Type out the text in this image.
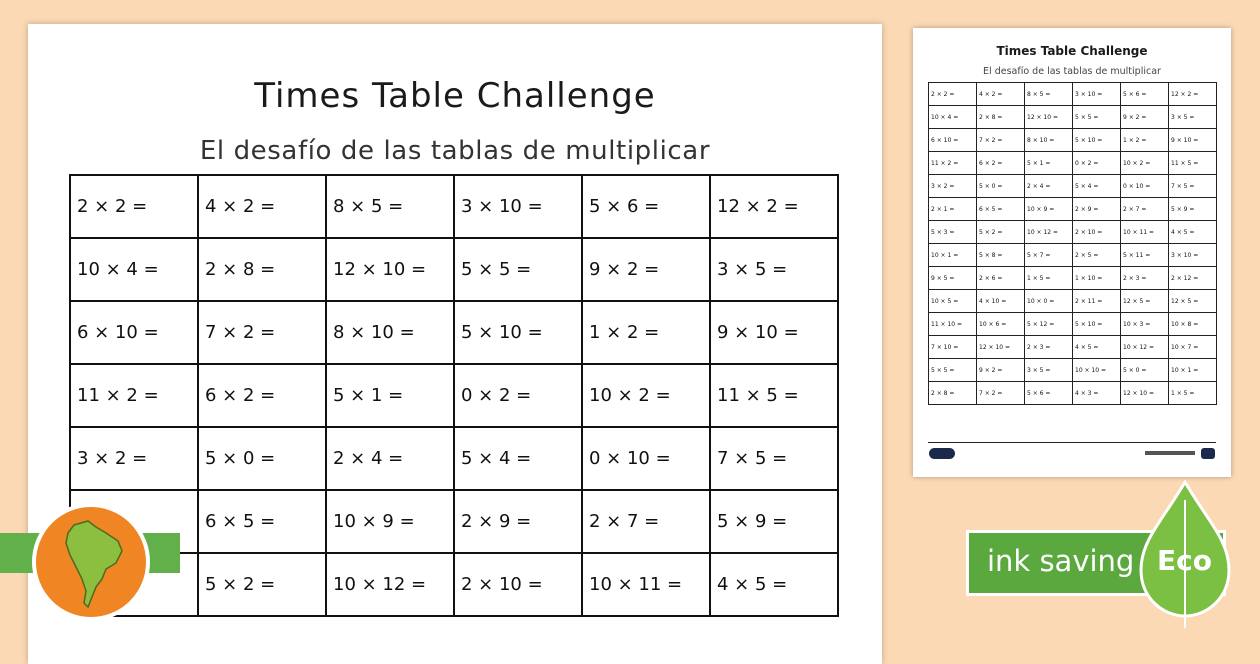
Times Table Challenge
El desafío de las tablas de multiplicar
2 × 2 =	4 × 2 =	8 × 5 =	3 × 10 =	5 × 6 =	12 × 2 =
10 × 4 =	2 × 8 =	12 × 10 =	5 × 5 =	9 × 2 =	3 × 5 =
6 × 10 =	7 × 2 =	8 × 10 =	5 × 10 =	1 × 2 =	9 × 10 =
11 × 2 =	6 × 2 =	5 × 1 =	0 × 2 =	10 × 2 =	11 × 5 =
3 × 2 =	5 × 0 =	2 × 4 =	5 × 4 =	0 × 10 =	7 × 5 =
	6 × 5 =	10 × 9 =	2 × 9 =	2 × 7 =	5 × 9 =
	5 × 2 =	10 × 12 =	2 × 10 =	10 × 11 =	4 × 5 =
Times Table Challenge
El desafío de las tablas de multiplicar
2 × 2 =	4 × 2 =	8 × 5 =	3 × 10 =	5 × 6 =	12 × 2 =
10 × 4 =	2 × 8 =	12 × 10 =	5 × 5 =	9 × 2 =	3 × 5 =
6 × 10 =	7 × 2 =	8 × 10 =	5 × 10 =	1 × 2 =	9 × 10 =
11 × 2 =	6 × 2 =	5 × 1 =	0 × 2 =	10 × 2 =	11 × 5 =
3 × 2 =	5 × 0 =	2 × 4 =	5 × 4 =	0 × 10 =	7 × 5 =
2 × 1 =	6 × 5 =	10 × 9 =	2 × 9 =	2 × 7 =	5 × 9 =
5 × 3 =	5 × 2 =	10 × 12 =	2 × 10 =	10 × 11 =	4 × 5 =
10 × 1 =	5 × 8 =	5 × 7 =	2 × 5 =	5 × 11 =	3 × 10 =
9 × 5 =	2 × 6 =	1 × 5 =	1 × 10 =	2 × 3 =	2 × 12 =
10 × 5 =	4 × 10 =	10 × 0 =	2 × 11 =	12 × 5 =	12 × 5 =
11 × 10 =	10 × 6 =	5 × 12 =	5 × 10 =	10 × 3 =	10 × 8 =
7 × 10 =	12 × 10 =	2 × 3 =	4 × 5 =	10 × 12 =	10 × 7 =
5 × 5 =	9 × 2 =	3 × 5 =	10 × 10 =	5 × 0 =	10 × 1 =
2 × 8 =	7 × 2 =	5 × 6 =	4 × 3 =	12 × 10 =	1 × 5 =
ink saving Eco
